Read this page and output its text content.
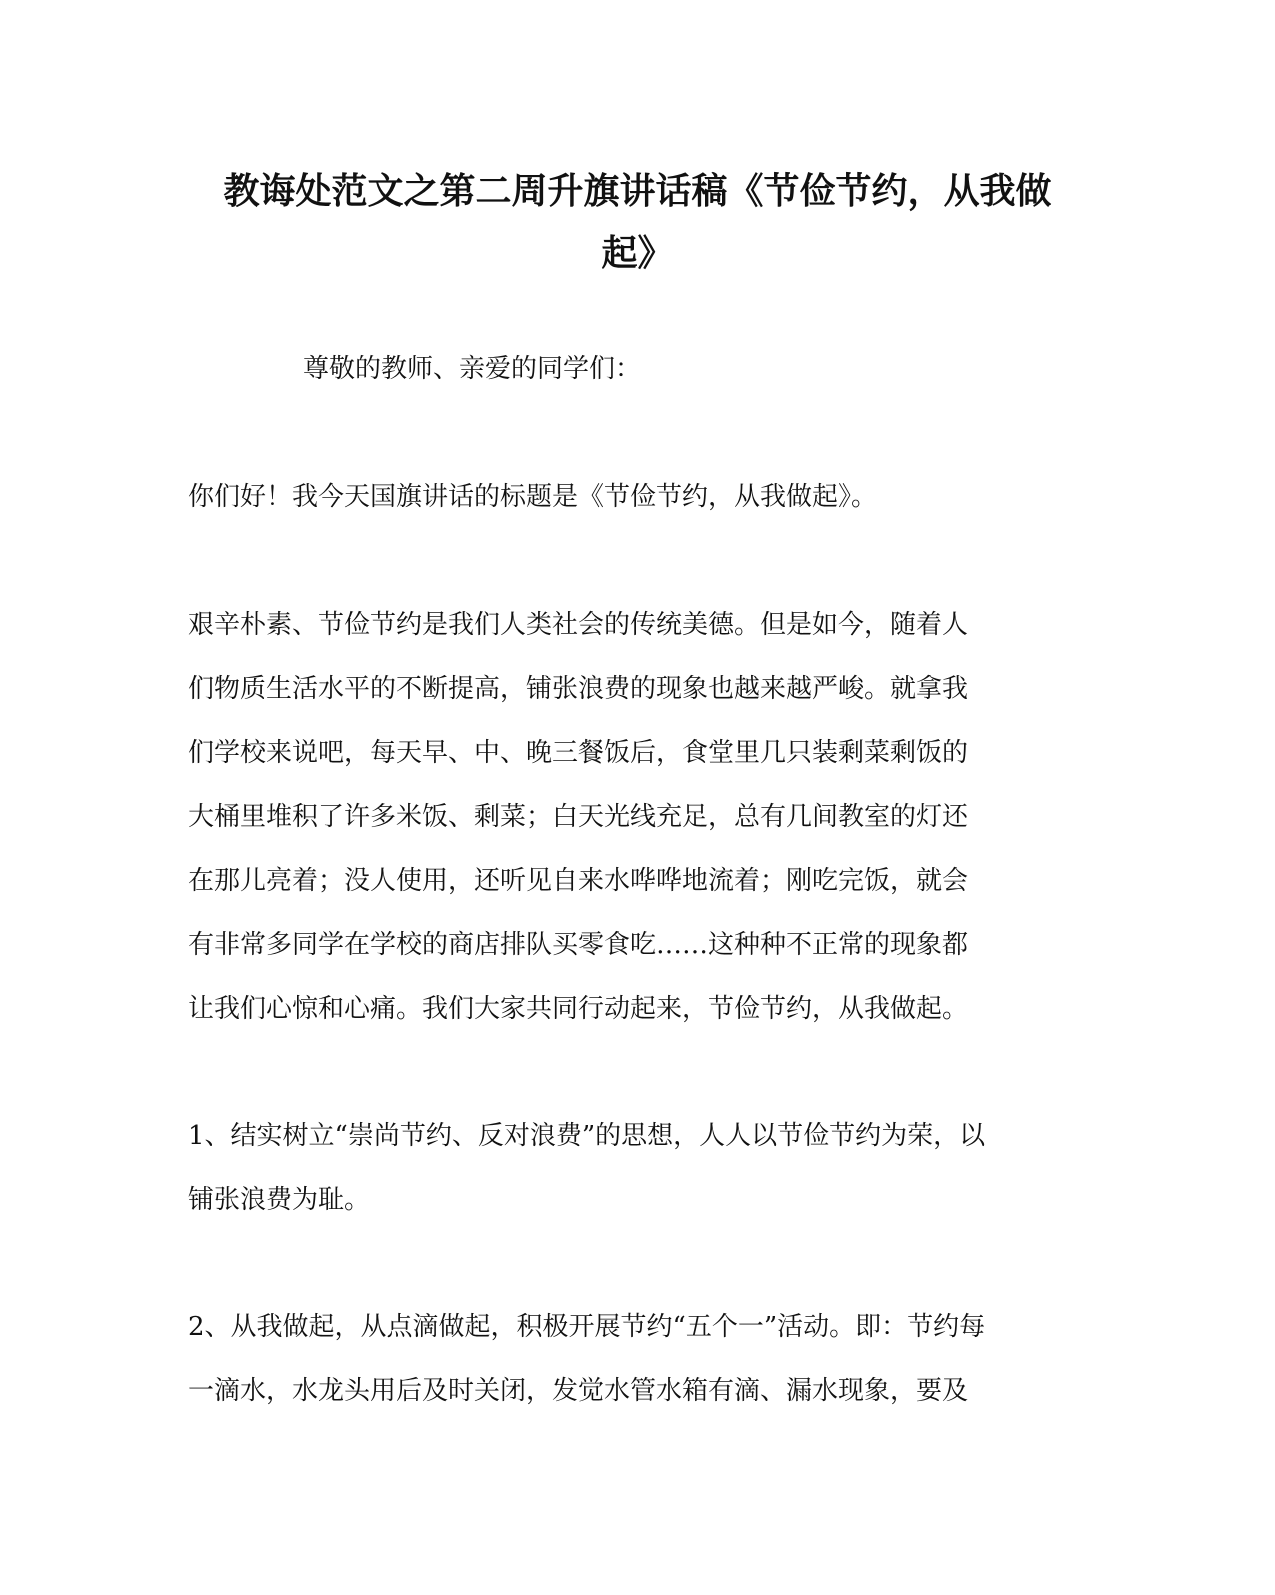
教诲处范文之第二周升旗讲话稿《节俭节约，从我做
起》

尊敬的教师、亲爱的同学们：

你们好！我今天国旗讲话的标题是《节俭节约，从我做起》。

艰辛朴素、节俭节约是我们人类社会的传统美德。但是如今，随着人

们物质生活水平的不断提高，铺张浪费的现象也越来越严峻。就拿我

们学校来说吧，每天早、中、晚三餐饭后，食堂里几只装剩菜剩饭的

大桶里堆积了许多米饭、剩菜；白天光线充足，总有几间教室的灯还

在那儿亮着；没人使用，还听见自来水哗哗地流着；刚吃完饭，就会

有非常多同学在学校的商店排队买零食吃……这种种不正常的现象都

让我们心惊和心痛。我们大家共同行动起来，节俭节约，从我做起。

1、结实树立“崇尚节约、反对浪费”的思想，人人以节俭节约为荣，以

铺张浪费为耻。

2、从我做起，从点滴做起，积极开展节约“五个一”活动。即：节约每

一滴水，水龙头用后及时关闭，发觉水管水箱有滴、漏水现象，要及
